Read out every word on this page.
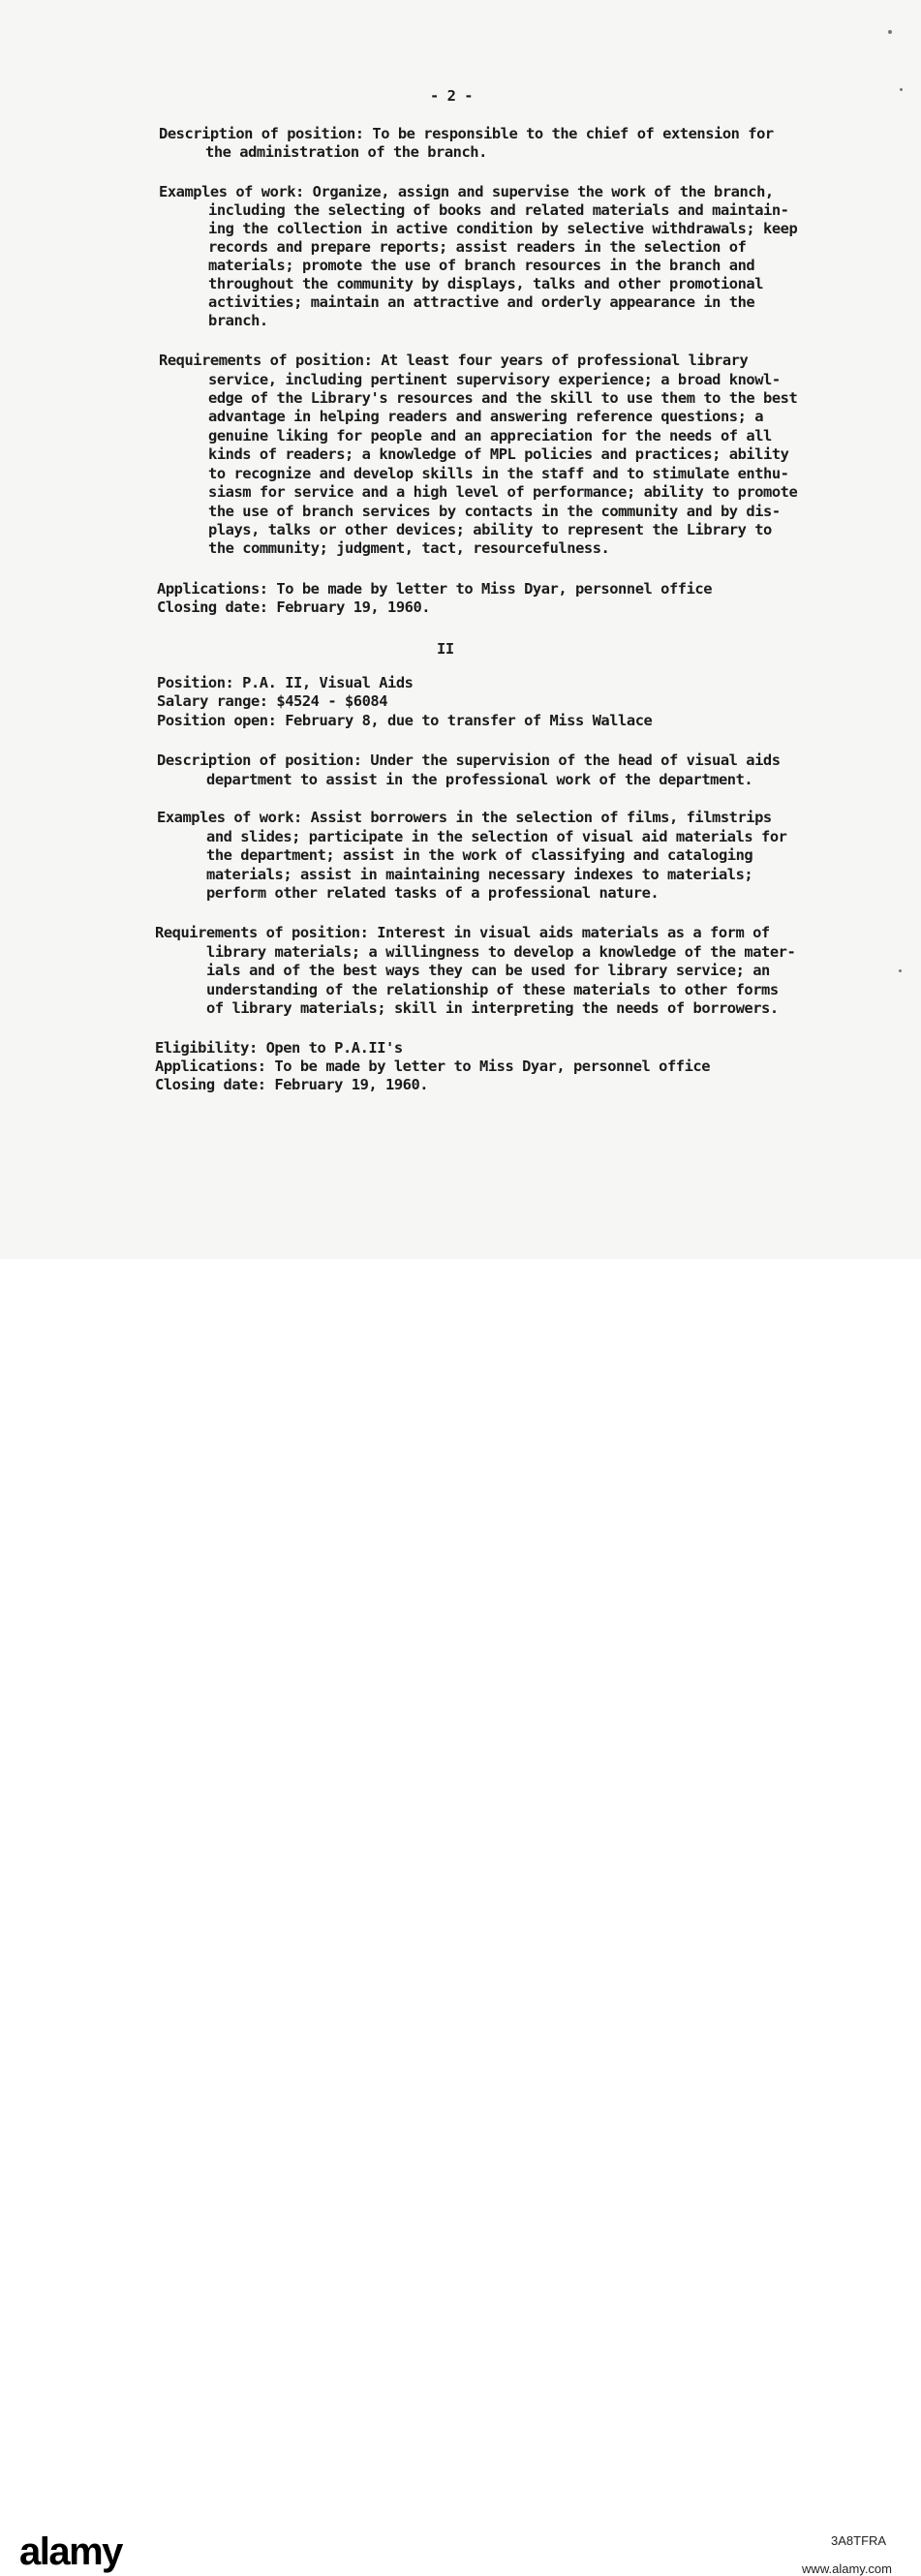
- 2 -
Description of position: To be responsible to the chief of extension for
the administration of the branch.
Examples of work: Organize, assign and supervise the work of the branch,
including the selecting of books and related materials and maintain-
ing the collection in active condition by selective withdrawals; keep
records and prepare reports; assist readers in the selection of
materials; promote the use of branch resources in the branch and
throughout the community by displays, talks and other promotional
activities; maintain an attractive and orderly appearance in the
branch.
Requirements of position: At least four years of professional library
service, including pertinent supervisory experience; a broad knowl-
edge of the Library's resources and the skill to use them to the best
advantage in helping readers and answering reference questions; a
genuine liking for people and an appreciation for the needs of all
kinds of readers; a knowledge of MPL policies and practices; ability
to recognize and develop skills in the staff and to stimulate enthu-
siasm for service and a high level of performance; ability to promote
the use of branch services by contacts in the community and by dis-
plays, talks or other devices; ability to represent the Library to
the community; judgment, tact, resourcefulness.
Applications: To be made by letter to Miss Dyar, personnel office
Closing date: February 19, 1960.
II
Position: P.A. II, Visual Aids
Salary range: $4524 - $6084
Position open: February 8, due to transfer of Miss Wallace
Description of position: Under the supervision of the head of visual aids
department to assist in the professional work of the department.
Examples of work: Assist borrowers in the selection of films, filmstrips
and slides; participate in the selection of visual aid materials for
the department; assist in the work of classifying and cataloging
materials; assist in maintaining necessary indexes to materials;
perform other related tasks of a professional nature.
Requirements of position: Interest in visual aids materials as a form of
library materials; a willingness to develop a knowledge of the mater-
ials and of the best ways they can be used for library service; an
understanding of the relationship of these materials to other forms
of library materials; skill in interpreting the needs of borrowers.
Eligibility: Open to P.A.II's
Applications: To be made by letter to Miss Dyar, personnel office
Closing date: February 19, 1960.
alamy	3A8TFRA
www.alamy.com
